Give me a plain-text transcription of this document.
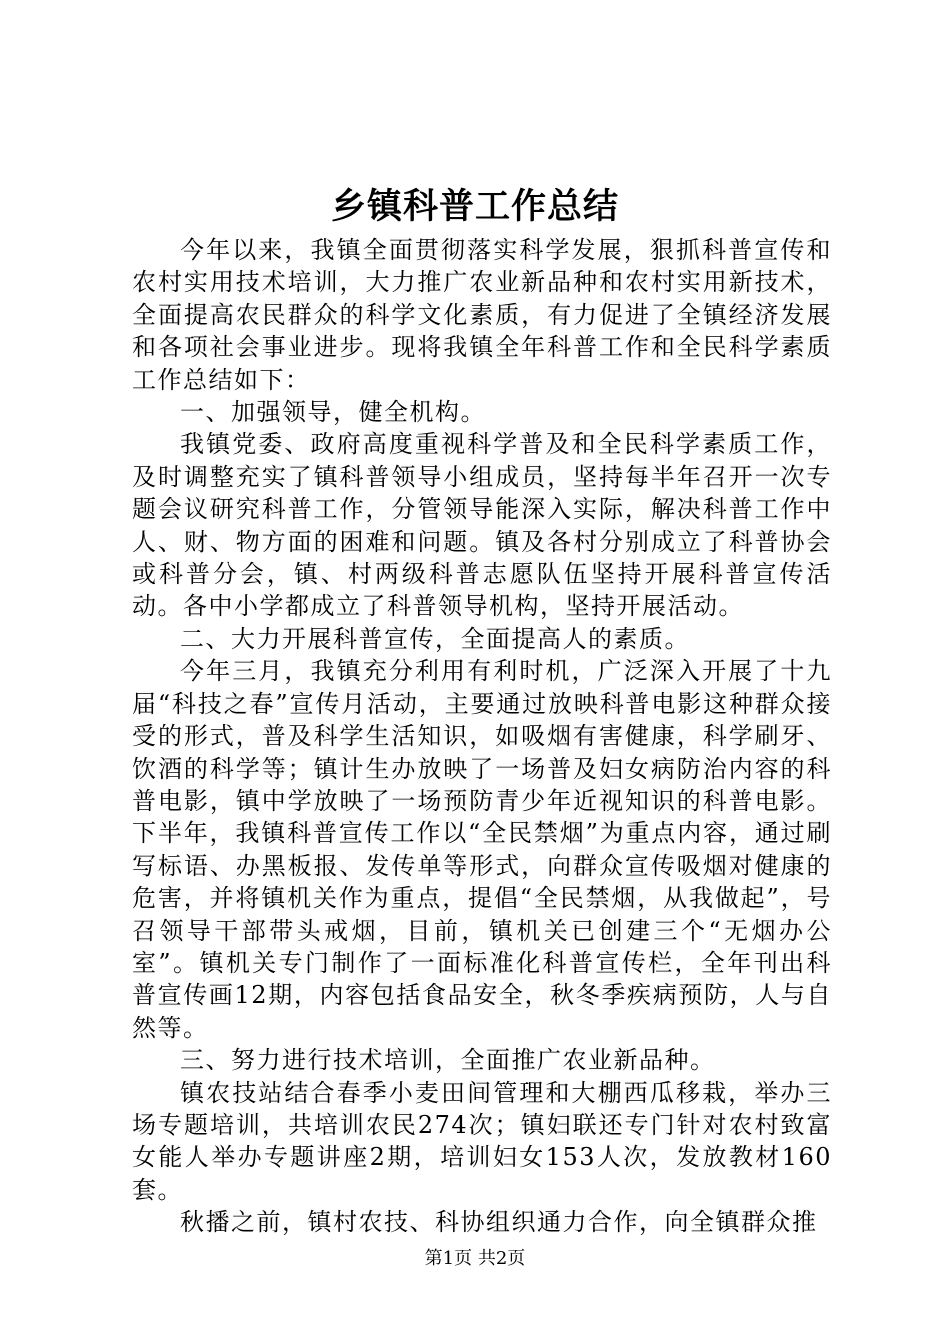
乡镇科普工作总结

今年以来，我镇全面贯彻落实科学发展，狠抓科普宣传和农村实用技术培训，大力推广农业新品种和农村实用新技术，全面提高农民群众的科学文化素质，有力促进了全镇经济发展和各项社会事业进步。现将我镇全年科普工作和全民科学素质工作总结如下：

一、加强领导，健全机构。

我镇党委、政府高度重视科学普及和全民科学素质工作，及时调整充实了镇科普领导小组成员，坚持每半年召开一次专题会议研究科普工作，分管领导能深入实际，解决科普工作中人、财、物方面的困难和问题。镇及各村分别成立了科普协会或科普分会，镇、村两级科普志愿队伍坚持开展科普宣传活动。各中小学都成立了科普领导机构，坚持开展活动。

二、大力开展科普宣传，全面提高人的素质。

今年三月，我镇充分利用有利时机，广泛深入开展了十九届“科技之春”宣传月活动，主要通过放映科普电影这种群众接受的形式，普及科学生活知识，如吸烟有害健康，科学刷牙、饮酒的科学等；镇计生办放映了一场普及妇女病防治内容的科普电影，镇中学放映了一场预防青少年近视知识的科普电影。下半年，我镇科普宣传工作以“全民禁烟”为重点内容，通过刷写标语、办黑板报、发传单等形式，向群众宣传吸烟对健康的危害，并将镇机关作为重点，提倡“全民禁烟，从我做起”，号召领导干部带头戒烟，目前，镇机关已创建三个“无烟办公室”。镇机关专门制作了一面标准化科普宣传栏，全年刊出科普宣传画12期，内容包括食品安全，秋冬季疾病预防，人与自然等。

三、努力进行技术培训，全面推广农业新品种。

镇农技站结合春季小麦田间管理和大棚西瓜移栽，举办三场专题培训，共培训农民274次；镇妇联还专门针对农村致富女能人举办专题讲座2期，培训妇女153人次，发放教材160套。

秋播之前，镇村农技、科协组织通力合作，向全镇群众推

第1页 共2页
